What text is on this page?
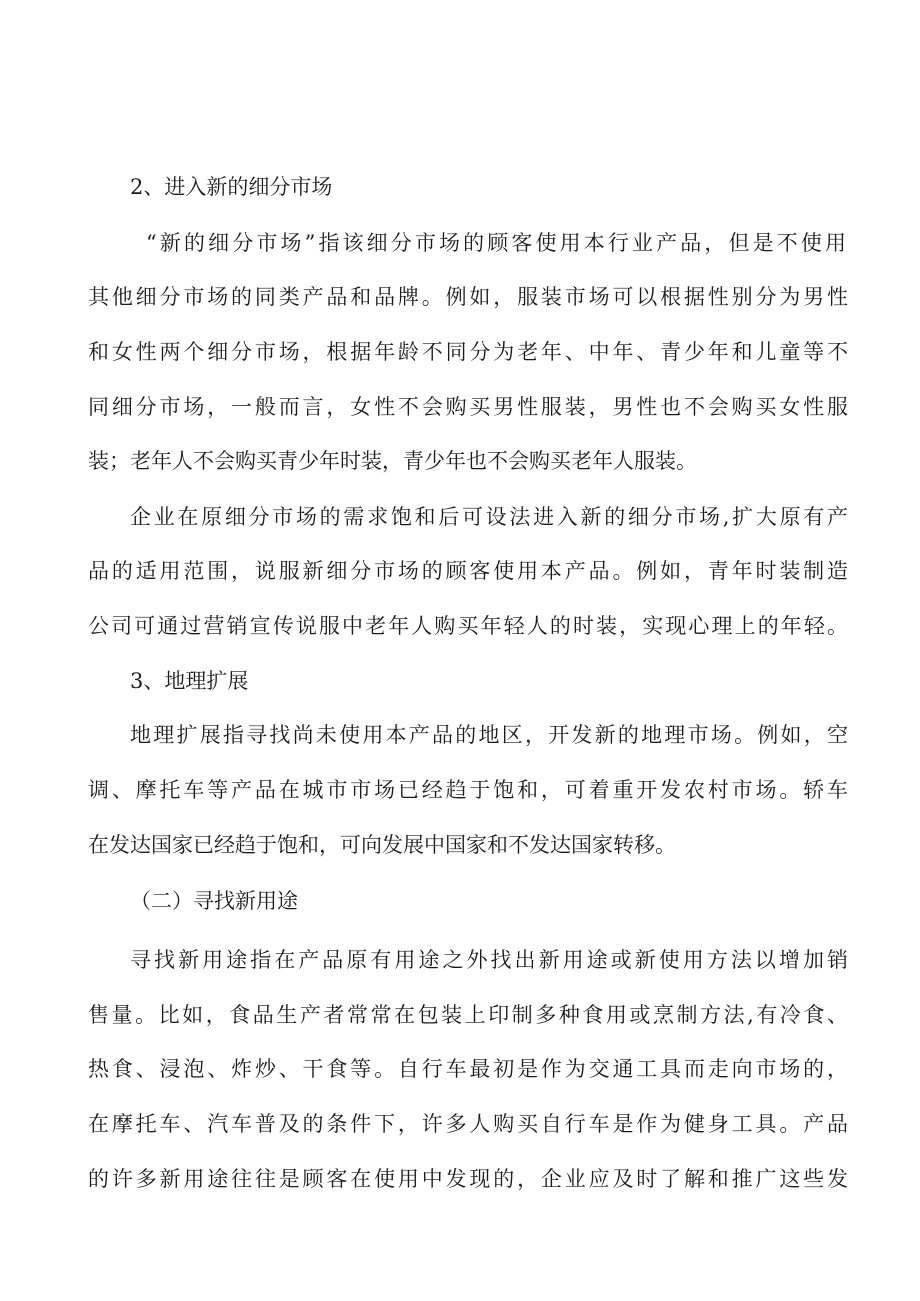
2、进入新的细分市场
“新的细分市场”指该细分市场的顾客使用本行业产品，但是不使用
其他细分市场的同类产品和品牌。例如，服装市场可以根据性别分为男性
和女性两个细分市场，根据年龄不同分为老年、中年、青少年和儿童等不
同细分市场，一般而言，女性不会购买男性服装，男性也不会购买女性服
装；老年人不会购买青少年时装，青少年也不会购买老年人服装。
企业在原细分市场的需求饱和后可设法进入新的细分市场,扩大原有产
品的适用范围，说服新细分市场的顾客使用本产品。例如，青年时装制造
公司可通过营销宣传说服中老年人购买年轻人的时装，实现心理上的年轻。
3、地理扩展
地理扩展指寻找尚未使用本产品的地区，开发新的地理市场。例如，空
调、摩托车等产品在城市市场已经趋于饱和，可着重开发农村市场。轿车
在发达国家已经趋于饱和，可向发展中国家和不发达国家转移。
（二）寻找新用途
寻找新用途指在产品原有用途之外找出新用途或新使用方法以增加销
售量。比如，食品生产者常常在包装上印制多种食用或烹制方法,有冷食、
热食、浸泡、炸炒、干食等。自行车最初是作为交通工具而走向市场的，
在摩托车、汽车普及的条件下，许多人购买自行车是作为健身工具。产品
的许多新用途往往是顾客在使用中发现的，企业应及时了解和推广这些发
